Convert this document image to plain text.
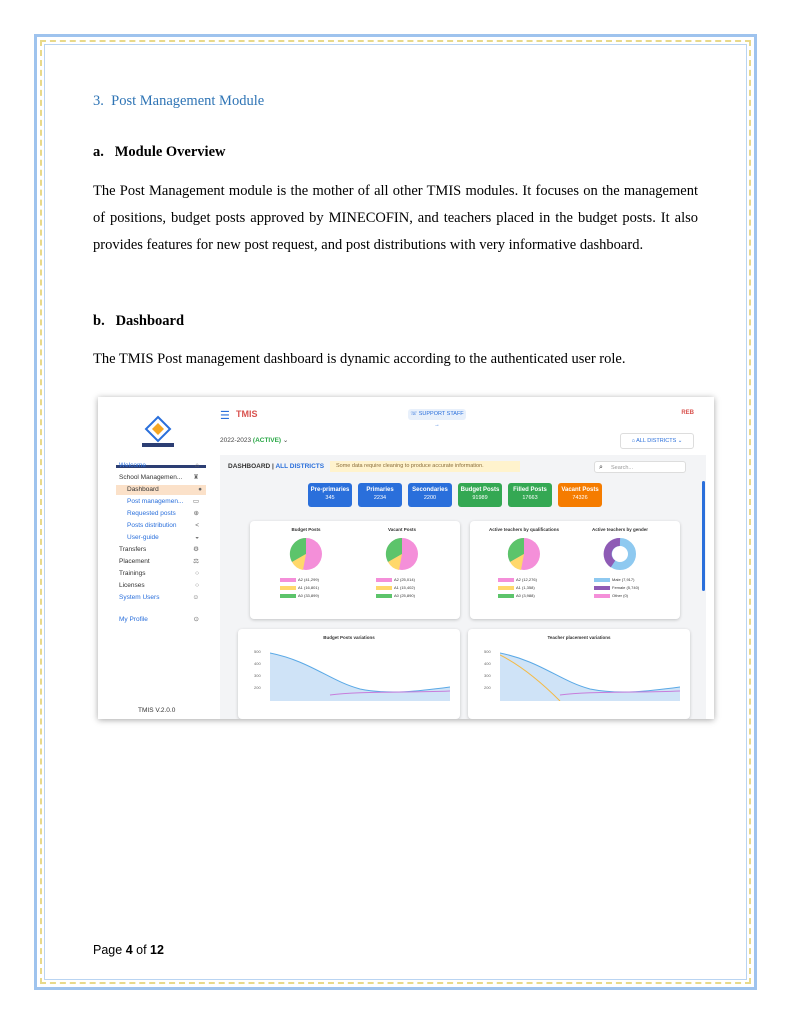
3.  Post Management Module
a.   Module Overview
The Post Management module is the mother of all other TMIS modules. It focuses on the management of positions, budget posts approved by MINECOFIN, and teachers placed in the budget posts. It also provides features for new post request, and post distributions with very informative dashboard.
b.   Dashboard
The TMIS Post management dashboard is dynamic according to the authenticated user role.
Welcome	⌂
School Managemen... ♜
Dashboard	●
Post managemen... ▭
Requested posts	⊕
Posts distribution	<
User-guide	◒
Transfers	⚙
Placement	⚖
Trainings	○
Licenses	○
System Users	☺
My Profile	⊙
TMIS V.2.0.0
☰ TMIS	☏ SUPPORT STAFF →
REB
2022-2023 (ACTIVE) ⌄	⌂ ALL DISTRICTS ⌄
DASHBOARD | ALL DISTRICTS	Some data require cleaning to produce accurate information.	⌕ Search...
Pre-primaries
345
Primaries
2234
Secondaries
2200
Budget Posts
91989
Filled Posts
17663
Vacant Posts
74326
Budget Posts
A2 (41,299)
A1 (16,801)
A0 (33,899)
Vacant Posts
A2 (25,014)
A1 (15,402)
A0 (25,890)
Active teachers by qualifications
A2 (12,276)
A1 (1,358)
A0 (3,988)
Active teachers by gender
Male (7,917)
Female (5,740)
Other (0)
Budget Posts variations
500
400
300
200
Teacher placement variations
500
400
300
200
Page 4 of 12
